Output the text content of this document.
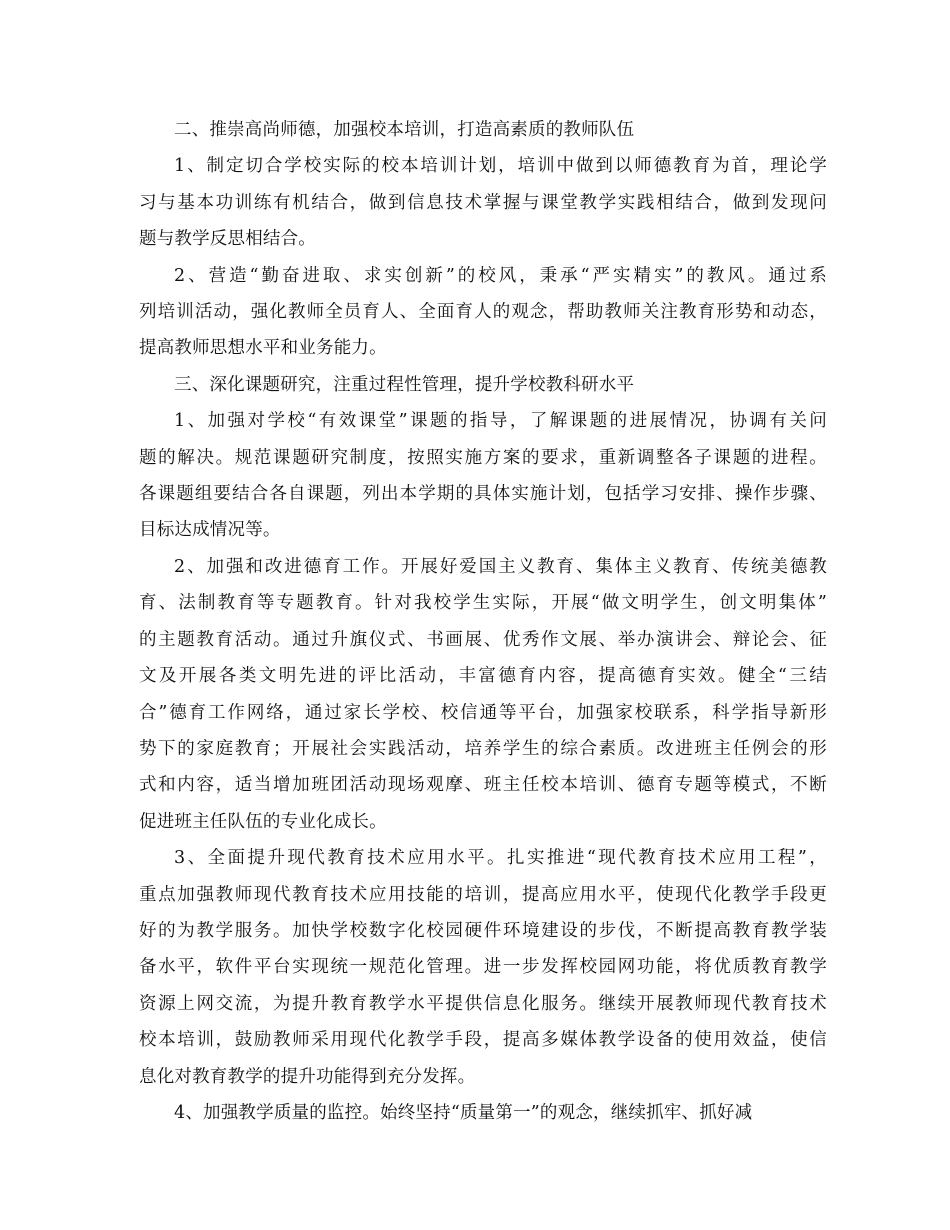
二、推崇高尚师德，加强校本培训，打造高素质的教师队伍

1、制定切合学校实际的校本培训计划，培训中做到以师德教育为首，理论学
习与基本功训练有机结合，做到信息技术掌握与课堂教学实践相结合，做到发现问
题与教学反思相结合。

2、营造“勤奋进取、求实创新”的校风，秉承“严实精实”的教风。通过系
列培训活动，强化教师全员育人、全面育人的观念，帮助教师关注教育形势和动态，
提高教师思想水平和业务能力。

三、深化课题研究，注重过程性管理，提升学校教科研水平

1、加强对学校“有效课堂”课题的指导，了解课题的进展情况，协调有关问
题的解决。规范课题研究制度，按照实施方案的要求，重新调整各子课题的进程。
各课题组要结合各自课题，列出本学期的具体实施计划，包括学习安排、操作步骤、
目标达成情况等。

2、加强和改进德育工作。开展好爱国主义教育、集体主义教育、传统美德教
育、法制教育等专题教育。针对我校学生实际，开展“做文明学生，创文明集体”
的主题教育活动。通过升旗仪式、书画展、优秀作文展、举办演讲会、辩论会、征
文及开展各类文明先进的评比活动，丰富德育内容，提高德育实效。健全“三结
合”德育工作网络，通过家长学校、校信通等平台，加强家校联系，科学指导新形
势下的家庭教育；开展社会实践活动，培养学生的综合素质。改进班主任例会的形
式和内容，适当增加班团活动现场观摩、班主任校本培训、德育专题等模式，不断
促进班主任队伍的专业化成长。

3、全面提升现代教育技术应用水平。扎实推进“现代教育技术应用工程”，
重点加强教师现代教育技术应用技能的培训，提高应用水平，使现代化教学手段更
好的为教学服务。加快学校数字化校园硬件环境建设的步伐，不断提高教育教学装
备水平，软件平台实现统一规范化管理。进一步发挥校园网功能，将优质教育教学
资源上网交流，为提升教育教学水平提供信息化服务。继续开展教师现代教育技术
校本培训，鼓励教师采用现代化教学手段，提高多媒体教学设备的使用效益，使信
息化对教育教学的提升功能得到充分发挥。

4、加强教学质量的监控。始终坚持“质量第一”的观念，继续抓牢、抓好减
